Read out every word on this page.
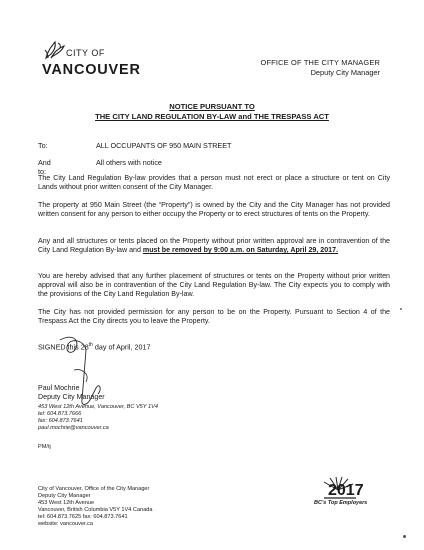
CITY OF
VANCOUVER	OFFICE OF THE CITY MANAGER
Deputy City Manager
NOTICE PURSUANT TO
THE CITY LAND REGULATION BY-LAW and THE TRESPASS ACT
To:	ALL OCCUPANTS OF 950 MAIN STREET
And to:
All others with notice
The City Land Regulation By-law provides that a person must not erect or place a structure or tent on City Lands without prior written consent of the City Manager.
The property at 950 Main Street (the “Property”) is owned by the City and the City Manager has not provided written consent for any person to either occupy the Property or to erect structures of tents on the Property.
Any and all structures or tents placed on the Property without prior written approval are in contravention of the City Land Regulation By-law and must be removed by 9:00 a.m. on Saturday, April 29, 2017.
You are hereby advised that any further placement of structures or tents on the Property without prior written approval will also be in contravention of the City Land Regulation By-law. The City expects you to comply with the provisions of the City Land Regulation By-law.
The City has not provided permission for any person to be on the Property. Pursuant to Section 4 of the Trespass Act the City directs you to leave the Property.
SIGNED this 28th day of April, 2017
Paul Mochrie
Deputy City Manager
453 West 12th Avenue, Vancouver, BC V5Y 1V4
tel: 604.873.7666
fax: 604.873.7641
paul.mochrie@vancouver.ca
PM/tj
City of Vancouver, Office of the City Manager
Deputy City Manager
453 West 12th Avenue
Vancouver, British Columbia V5Y 1V4 Canada
tel: 604.873.7625 fax: 604.873.7641
website: vancouver.ca
2017
BC's Top Employers
